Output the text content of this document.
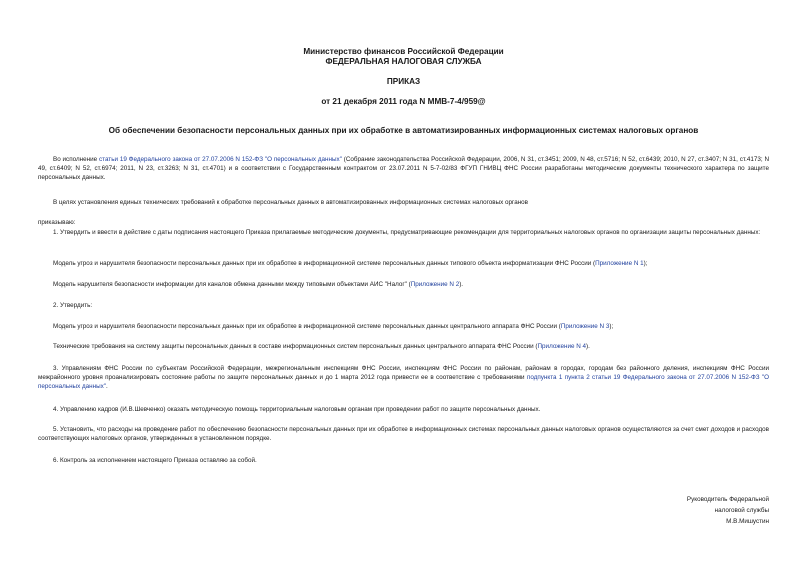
Министерство финансов Российской Федерации
ФЕДЕРАЛЬНАЯ НАЛОГОВАЯ СЛУЖБА
ПРИКАЗ
от 21 декабря 2011 года N ММВ-7-4/959@
Об обеспечении безопасности персональных данных при их обработке в автоматизированных информационных системах налоговых органов
Во исполнение статьи 19 Федерального закона от 27.07.2006 N 152-ФЗ "О персональных данных" (Собрание законодательства Российской Федерации, 2006, N 31, ст.3451; 2009, N 48, ст.5716; N 52, ст.6439; 2010, N 27, ст.3407; N 31, ст.4173; N 49, ст.6409; N 52, ст.6974; 2011, N 23, ст.3263; N 31, ст.4701) и в соответствии с Государственным контрактом от 23.07.2011 N 5-7-02/83 ФГУП ГНИВЦ ФНС России разработаны методические документы технического характера по защите персональных данных.
В целях установления единых технических требований к обработке персональных данных в автоматизированных информационных системах налоговых органов
приказываю:
1. Утвердить и ввести в действие с даты подписания настоящего Приказа прилагаемые методические документы, предусматривающие рекомендации для территориальных налоговых органов по организации защиты персональных данных:
Модель угроз и нарушителя безопасности персональных данных при их обработке в информационной системе персональных данных типового объекта информатизации ФНС России (Приложение N 1);
Модель нарушителя безопасности информации для каналов обмена данными между типовыми объектами АИС "Налог" (Приложение N 2).
2. Утвердить:
Модель угроз и нарушителя безопасности персональных данных при их обработке в информационной системе персональных данных центрального аппарата ФНС России (Приложение N 3);
Технические требования на систему защиты персональных данных в составе информационных систем персональных данных центрального аппарата ФНС России (Приложение N 4).
3. Управлениям ФНС России по субъектам Российской Федерации, межрегиональным инспекциям ФНС России, инспекциям ФНС России по районам, районам в городах, городам без районного деления, инспекциям ФНС России межрайонного уровня проанализировать состояние работы по защите персональных данных и до 1 марта 2012 года привести ее в соответствие с требованиями подпункта 1 пункта 2 статьи 19 Федерального закона от 27.07.2006 N 152-ФЗ "О персональных данных".
4. Управлению кадров (И.В.Шевченко) оказать методическую помощь территориальным налоговым органам при проведении работ по защите персональных данных.
5. Установить, что расходы на проведение работ по обеспечению безопасности персональных данных при их обработке в информационных системах персональных данных налоговых органов осуществляются за счет смет доходов и расходов соответствующих налоговых органов, утвержденных в установленном порядке.
6. Контроль за исполнением настоящего Приказа оставляю за собой.
Руководитель Федеральной
налоговой службы
М.В.Мишустин
